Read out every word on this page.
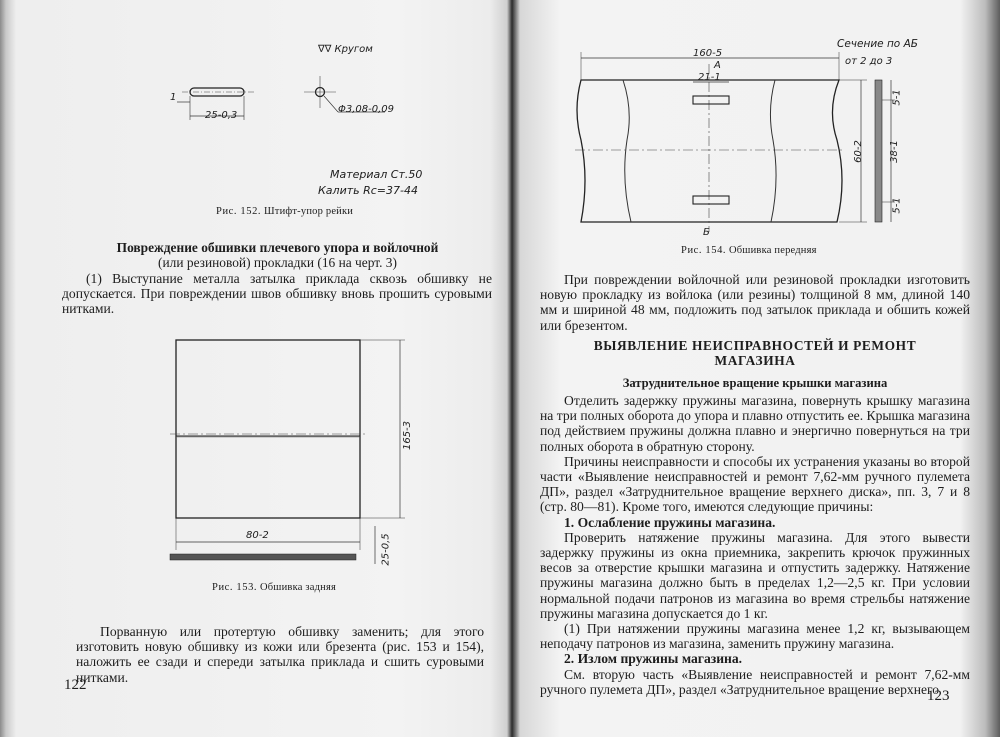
∇∇ Кругом
1
25-0,3
Φ3,08-0,09
Материал Ст.50
Калить Rc=37-44
Рис. 152. Штифт-упор рейки
Повреждение обшивки плечевого упора и войлочной
(или резиновой) прокладки (16 на черт. 3)

(1) Выступание металла затылка приклада сквозь обшивку не допускается. При повреждении швов обшивку вновь прошить суровыми нитками.

165-3
80-2	25-0,5
Рис. 153. Обшивка задняя

Порванную или протертую обшивку заменить; для этого изготовить новую обшивку из кожи или брезента (рис. 153 и 154), наложить ее сзади и спереди затылка приклада и сшить суровыми нитками.

122
160-5
А
21-1
Б
60-2
Сечение по АБ
от 2 до 3
5-1
38-1
5-1
Рис. 154. Обшивка передняя

При повреждении войлочной или резиновой прокладки изготовить новую прокладку из войлока (или резины) толщиной 8 мм, длиной 140 мм и шириной 48 мм, подложить под затылок приклада и обшить кожей или брезентом.

ВЫЯВЛЕНИЕ НЕИСПРАВНОСТЕЙ И РЕМОНТ
МАГАЗИНА
Затруднительное вращение крышки магазина

Отделить задержку пружины магазина, повернуть крышку магазина на три полных оборота до упора и плавно отпустить ее. Крышка магазина под действием пружины должна плавно и энергично повернуться на три полных оборота в обратную сторону.

Причины неисправности и способы их устранения указаны во второй части «Выявление неисправностей и ремонт 7,62-мм ручного пулемета ДП», раздел «Затруднительное вращение верхнего диска», пп. 3, 7 и 8 (стр. 80—81). Кроме того, имеются следующие причины:

1. Ослабление пружины магазина.

Проверить натяжение пружины магазина. Для этого вывести задержку пружины из окна приемника, закрепить крючок пружинных весов за отверстие крышки магазина и отпустить задержку. Натяжение пружины магазина должно быть в пределах 1,2—2,5 кг. При условии нормальной подачи патронов из магазина во время стрельбы натяжение пружины магазина допускается до 1 кг.

(1) При натяжении пружины магазина менее 1,2 кг, вызывающем неподачу патронов из магазина, заменить пружину магазина.

2. Излом пружины магазина.

См. вторую часть «Выявление неисправностей и ремонт 7,62-мм ручного пулемета ДП», раздел «Затруднительное вращение верхнего

123
